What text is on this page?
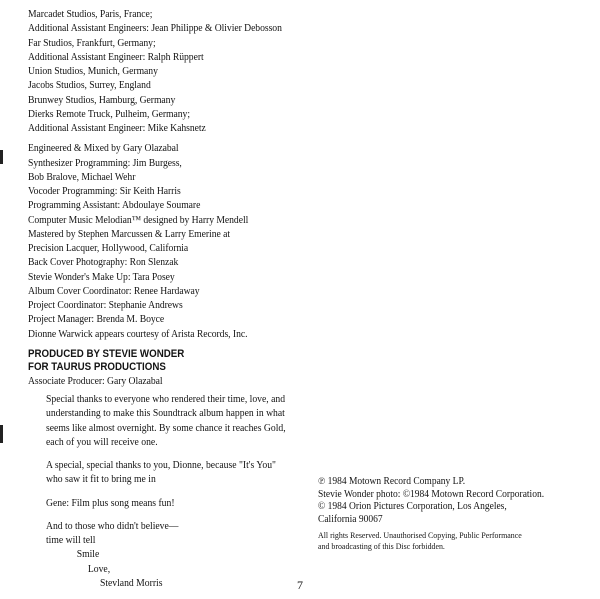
Marcadet Studios, Paris, France;
Additional Assistant Engineers: Jean Philippe & Olivier Debosson
Far Studios, Frankfurt, Germany;
Additional Assistant Engineer: Ralph Rüppert
Union Studios, Munich, Germany
Jacobs Studios, Surrey, England
Brunwey Studios, Hamburg, Germany
Dierks Remote Truck, Pulheim, Germany;
Additional Assistant Engineer: Mike Kahsnetz
Engineered & Mixed by Gary Olazabal
Synthesizer Programming: Jim Burgess,
Bob Bralove, Michael Wehr
Vocoder Programming: Sir Keith Harris
Programming Assistant: Abdoulaye Soumare
Computer Music Melodian™ designed by Harry Mendell
Mastered by Stephen Marcussen & Larry Emerine at
Precision Lacquer, Hollywood, California
Back Cover Photography: Ron Slenzak
Stevie Wonder's Make Up: Tara Posey
Album Cover Coordinator: Renee Hardaway
Project Coordinator: Stephanie Andrews
Project Manager: Brenda M. Boyce
Dionne Warwick appears courtesy of Arista Records, Inc.
PRODUCED BY STEVIE WONDER
FOR TAURUS PRODUCTIONS
Associate Producer: Gary Olazabal

Special thanks to everyone who rendered their time, love, and
understanding to make this Soundtrack album happen in what
seems like almost overnight. By some chance it reaches Gold,
each of you will receive one.

A special, special thanks to you, Dionne, because "It's You"
who saw it fit to bring me in

Gene: Film plus song means fun!

And to those who didn't believe—
time will tell

Smile
Love,
Stevland Morris
℗ 1984 Motown Record Company LP.
Stevie Wonder photo: ©1984 Motown Record Corporation.
© 1984 Orion Pictures Corporation, Los Angeles,
California 90067
All rights Reserved. Unauthorised Copying, Public Performance
and broadcasting of this Disc forbidden.
7
